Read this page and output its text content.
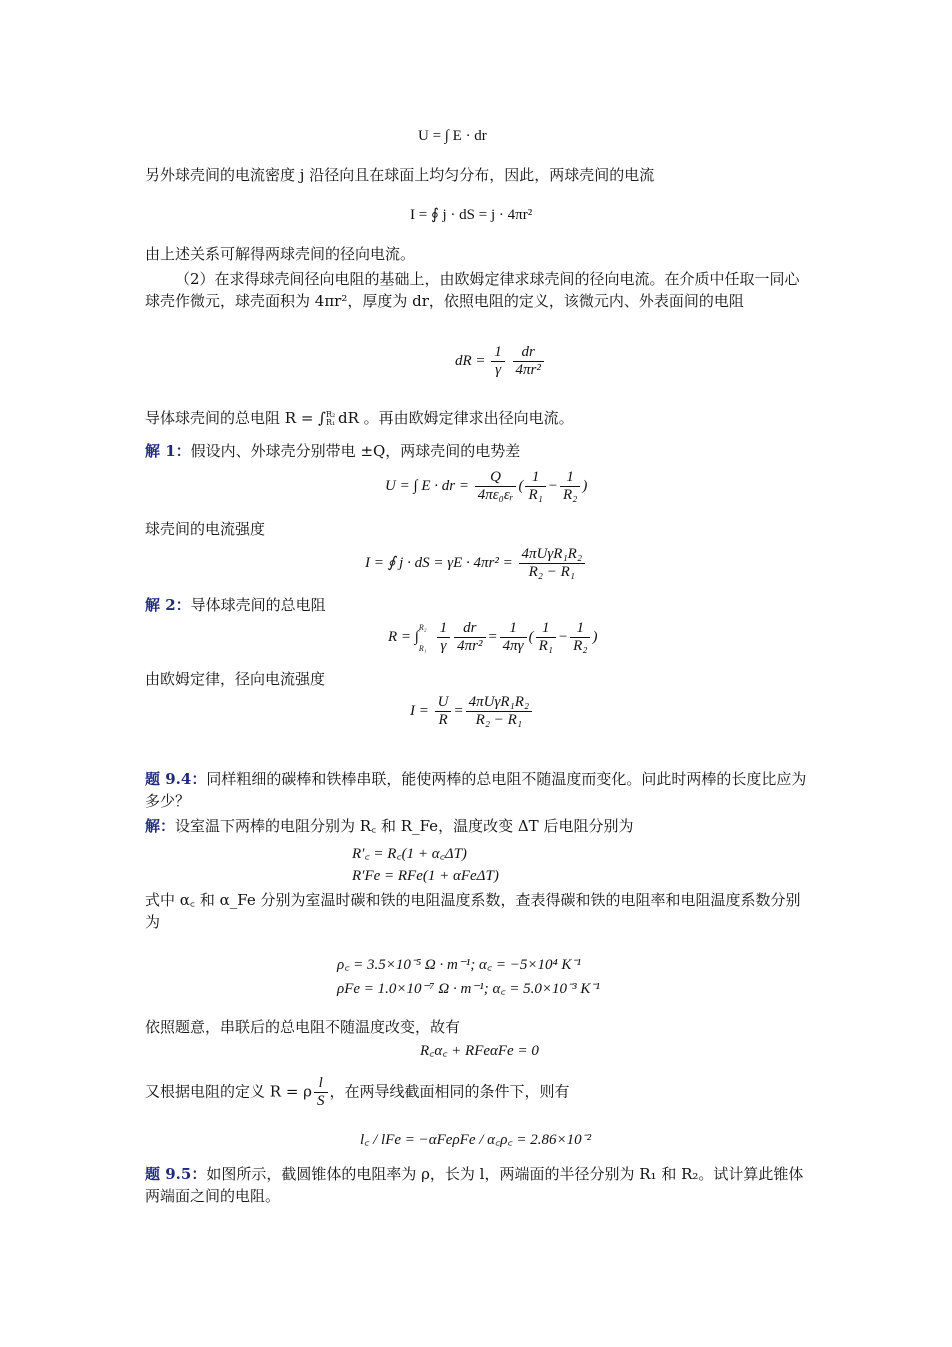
U = ∫ E · dr
另外球壳间的电流密度 j 沿径向且在球面上均匀分布，因此，两球壳间的电流
I = ∮ j · dS = j · 4πr²
由上述关系可解得两球壳间的径向电流。
（2）在求得球壳间径向电阻的基础上，由欧姆定律求球壳间的径向电流。在介质中任取一同心球壳作微元，球壳面积为 4πr²，厚度为 dr，依照电阻的定义，该微元内、外表面间的电阻
dR = $\frac{1}{\gamma}$
$\frac{dr}{\text{4πr²}}$
导体球壳间的总电阻 R = ∫ R₂
R₁ dR 。再由欧姆定律求出径向电流。
解 1：假设内、外球壳分别带电 ±Q，两球壳间的电势差
U = ∫ E · dr = $\frac{Q}{\text{4πε₀εᵣ}}$ ( $\frac{1}{\text{R₁}} - \frac{1}{\text{R₂}}$ )
球壳间的电流强度
I = ∮ j · dS = $\gamma E \cdot 4\pi r^2 = \frac{\text{4πUγR₁R₂}}{\text{R₂ − R₁}}$
解 2：导体球壳间的总电阻
R = ∫
R₂
R₁
$\frac{1}{\gamma} \frac{dr}{\text{4πr²}} = \frac{1}{4\pi\gamma}$ ( $\frac{1}{\text{R₁}} - \frac{1}{\text{R₂}}$ )
由欧姆定律，径向电流强度
$I = \frac{U}{R} = \frac{\text{4πUγR₁R₂}}{\text{R₂ − R₁}}$
题 9.4：同样粗细的碳棒和铁棒串联，能使两棒的总电阻不随温度而变化。问此时两棒的长度比应为多少？
解：设室温下两棒的电阻分别为 R꜀ 和 R_Fe，温度改变 ΔT 后电阻分别为
R′꜀ = R꜀(1 + α꜀ΔT)
R′Fe = RFe(1 + αFeΔT)
式中 α꜀ 和 α_Fe 分别为室温时碳和铁的电阻温度系数，查表得碳和铁的电阻率和电阻温度系数分别为
ρ꜀ = 3.5×10⁻⁵ Ω · m⁻¹; α꜀ = −5×10⁴ K⁻¹
ρFe = 1.0×10⁻⁷ Ω · m⁻¹; α꜀ = 5.0×10⁻³ K⁻¹
依照题意，串联后的总电阻不随温度改变，故有
R꜀α꜀ + RFeαFe = 0
又根据电阻的定义 R = ρ $\frac{l}{S}$ ，在两导线截面相同的条件下，则有
l꜀ / lFe = −αFeρFe / α꜀ρ꜀ = 2.86×10⁻²
题 9.5：如图所示，截圆锥体的电阻率为 ρ，长为 l，两端面的半径分别为 R₁ 和 R₂。试计算此锥体两端面之间的电阻。
